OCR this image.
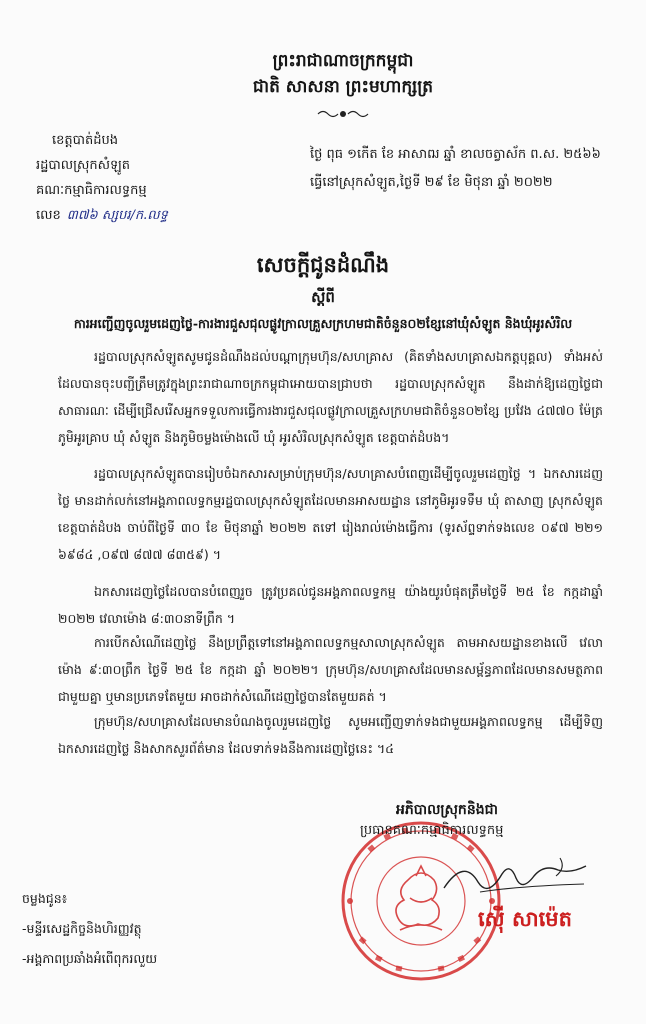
ព្រះរាជាណាចក្រកម្ពុជា
ជាតិ សាសនា ព្រះមហាក្សត្រ
ខេត្តបាត់ដំបង
រដ្ឋបាលស្រុកសំឡូត
គណៈកម្មាធិការលទ្ធកម្ម
លេខ ៣៧៦ ស្សបរ/ក.លទ្ធ
ថ្ងៃ ពុធ ១កើត ខែ អាសាឍ ឆ្នាំ ខាលចត្វាស័ក ព.ស. ២៥៦៦
ធ្វើនៅស្រុកសំឡូត,ថ្ងៃទី ២៩ ខែ មិថុនា ឆ្នាំ ២០២២
សេចក្ដីជូនដំណឹង
ស្ដីពី
ការអញ្ជើញចូលរួមដេញថ្លៃ-ការងារជួសជុលផ្លូវក្រាលគ្រួសក្រហមជាតិចំនួន០២ខ្សែនៅឃុំសំឡូត និងឃុំអូរសំរិល
រដ្ឋបាលស្រុកសំឡូតសូមជូនដំណឹងដល់បណ្ដាក្រុមហ៊ុន/សហគ្រាស (គិតទាំងសហគ្រាសឯកត្តបុគ្គល) ទាំងអស់ ដែលបានចុះបញ្ជីត្រឹមត្រូវក្នុងព្រះរាជាណាចក្រកម្ពុជាអោយបានជ្រាបថា រដ្ឋបាលស្រុកសំឡូត នឹងដាក់ឱ្យដេញថ្លៃជាសាធារណៈ ដើម្បីជ្រើសរើសអ្នកទទួលការធ្វើការងារជួសជុលផ្លូវក្រាលគ្រួសក្រហមជាតិចំនួន០២ខ្សែ ប្រវែង ៤៧៧០ ម៉ែត្រ ភូមិអូរគ្រាប ឃុំ សំឡូត និងភូមិចម្លងម៉ោងលើ ឃុំ អូរសំរិលស្រុកសំឡូត ខេត្តបាត់ដំបង។
រដ្ឋបាលស្រុកសំឡូតបានរៀបចំឯកសារសម្រាប់ក្រុមហ៊ុន/សហគ្រាសបំពេញដើម្បីចូលរួមដេញថ្លៃ ។ ឯកសារដេញថ្លៃ មានដាក់លក់នៅអង្គភាពលទ្ធកម្មរដ្ឋបាលស្រុកសំឡូតដែលមានអាសយដ្ឋាន នៅភូមិអូរទទឹម ឃុំ តាសាញ ស្រុកសំឡូត ខេត្តបាត់ដំបង ចាប់ពីថ្ងៃទី ៣០ ខែ មិថុនាឆ្នាំ ២០២២ តទៅ រៀងរាល់ម៉ោងធ្វើការ (ទូរស័ព្ទទាក់ទងលេខ ០៩៧ ២២១ ៦៩៨៤ ,០៩៧ ៨៧៧ ៨៣៥៩) ។
ឯកសារដេញថ្លៃដែលបានបំពេញរួច ត្រូវប្រគល់ជូនអង្គភាពលទ្ធកម្ម យ៉ាងយូរបំផុតត្រឹមថ្ងៃទី ២៥ ខែ កក្កដាឆ្នាំ ២០២២ វេលាម៉ោង ៨:៣០នាទីព្រឹក ។
ការបើកសំណើដេញថ្លៃ នឹងប្រព្រឹត្តទៅនៅអង្គភាពលទ្ធកម្មសាលាស្រុកសំឡូត តាមអាសយដ្ឋានខាងលើ វេលាម៉ោង ៩:៣០ព្រឹក ថ្ងៃទី ២៥ ខែ កក្កដា ឆ្នាំ ២០២២។ ក្រុមហ៊ុន/សហគ្រាសដែលមានសម្ព័ន្ធភាពដែលមានសមត្ថភាពជាមួយគ្នា ឬមានប្រភេទតែមួយ អាចដាក់សំណើដេញថ្លៃបានតែមួយគត់ ។
ក្រុមហ៊ុន/សហគ្រាសដែលមានបំណងចូលរួមដេញថ្លៃ សូមអញ្ជើញទាក់ទងជាមួយអង្គភាពលទ្ធកម្ម ដើម្បីទិញឯកសារដេញថ្លៃ និងសាកសួរព័ត៌មាន ដែលទាក់ទងនឹងការដេញថ្លៃនេះ ។៤
អភិបាលស្រុកនិងជា
ប្រធានគណៈកម្មាធិការលទ្ធកម្ម
ស៊ើ សាម៉េត
ចម្លងជូន៖
-មន្ទីរសេដ្ឋកិច្ចនិងហិរញ្ញវត្ថុ
-អង្គភាពប្រឆាំងអំពើពុករលួយ
